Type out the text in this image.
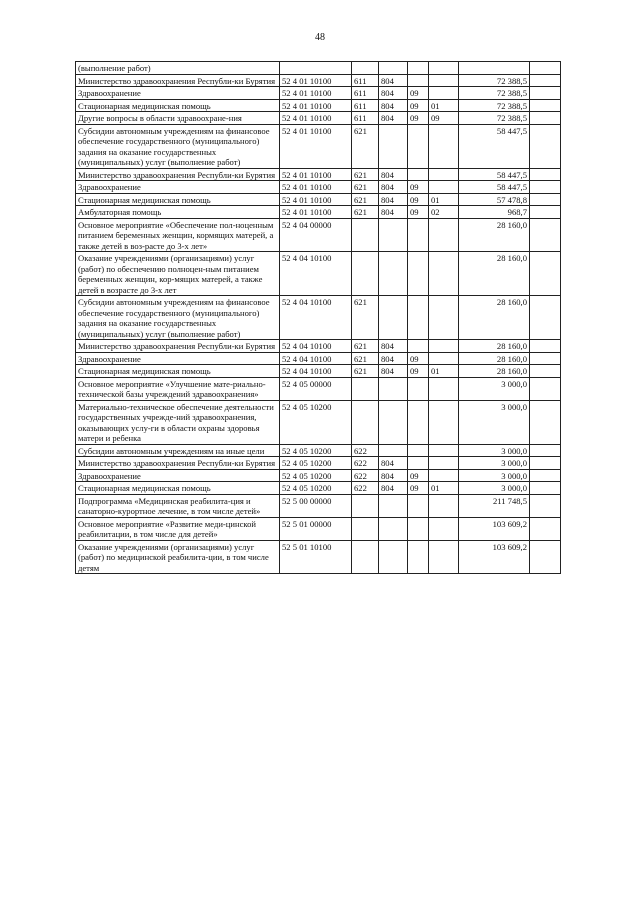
48
(выполнение работ)							
Министерство здравоохранения Республи-ки Бурятия	52 4 01 10100	611	804			72 388,5	
Здравоохранение	52 4 01 10100	611	804	09		72 388,5	
Стационарная медицинская помощь	52 4 01 10100	611	804	09	01	72 388,5	
Другие вопросы в области здравоохране-ния	52 4 01 10100	611	804	09	09	72 388,5	
Субсидии автономным учреждениям на финансовое обеспечение государственного (муниципального) задания на оказание государственных (муниципальных) услуг (выполнение работ)	52 4 01 10100	621				58 447,5	
Министерство здравоохранения Республи-ки Бурятия	52 4 01 10100	621	804			58 447,5	
Здравоохранение	52 4 01 10100	621	804	09		58 447,5	
Стационарная медицинская помощь	52 4 01 10100	621	804	09	01	57 478,8	
Амбулаторная помощь	52 4 01 10100	621	804	09	02	968,7	
Основное мероприятие «Обеспечение пол-ноценным питанием беременных женщин, кормящих матерей, а также детей в воз-расте до 3-х лет»	52 4 04 00000					28 160,0	
Оказание учреждениями (организациями) услуг (работ) по обеспечению полноцен-ным питанием беременных женщин, кор-мящих матерей, а также детей в возрасте до 3-х лет	52 4 04 10100					28 160,0	
Субсидии автономным учреждениям на финансовое обеспечение государственного (муниципального) задания на оказание государственных (муниципальных) услуг (выполнение работ)	52 4 04 10100	621				28 160,0	
Министерство здравоохранения Республи-ки Бурятия	52 4 04 10100	621	804			28 160,0	
Здравоохранение	52 4 04 10100	621	804	09		28 160,0	
Стационарная медицинская помощь	52 4 04 10100	621	804	09	01	28 160,0	
Основное мероприятие «Улучшение мате-риально-технической базы учреждений здравоохранения»	52 4 05 00000					3 000,0	
Материально-техническое обеспечение деятельности государственных учрежде-ний здравоохранения, оказывающих услу-ги в области охраны здоровья матери и ребенка	52 4 05 10200					3 000,0	
Субсидии автономным учреждениям на иные цели	52 4 05 10200	622				3 000,0	
Министерство здравоохранения Республи-ки Бурятия	52 4 05 10200	622	804			3 000,0	
Здравоохранение	52 4 05 10200	622	804	09		3 000,0	
Стационарная медицинская помощь	52 4 05 10200	622	804	09	01	3 000,0	
Подпрограмма «Медицинская реабилита-ция и санаторно-курортное лечение, в том числе детей»	52 5 00 00000					211 748,5	
Основное мероприятие «Развитие меди-цинской реабилитации, в том числе для детей»	52 5 01 00000					103 609,2	
Оказание учреждениями (организациями) услуг (работ) по медицинской реабилита-ции, в том числе детям	52 5 01 10100					103 609,2	
